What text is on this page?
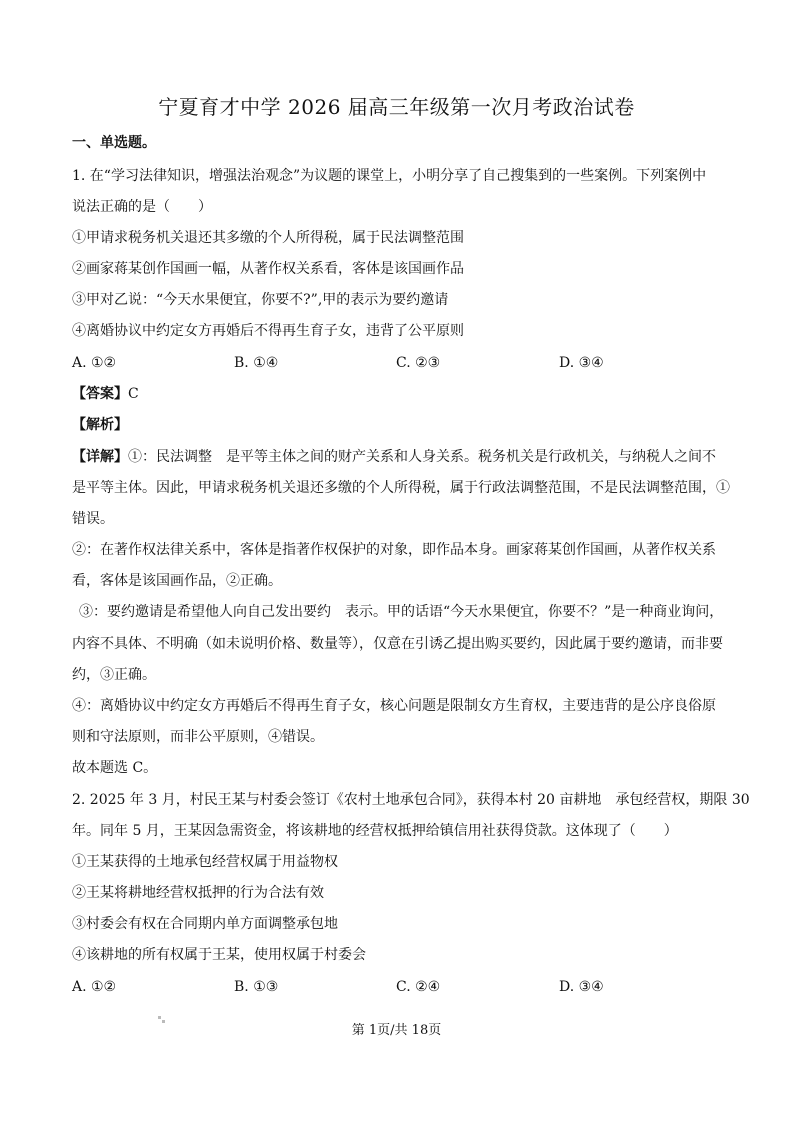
宁夏育才中学 2026 届高三年级第一次月考政治试卷
一、单选题。
1. 在“学习法律知识，增强法治观念”为议题的课堂上，小明分享了自己搜集到的一些案例。下列案例中
说法正确的是（　　）
①甲请求税务机关退还其多缴的个人所得税，属于民法调整范围
②画家蒋某创作国画一幅，从著作权关系看，客体是该国画作品
③甲对乙说：“今天水果便宜，你要不?”,甲的表示为要约邀请
④离婚协议中约定女方再婚后不得再生育子女，违背了公平原则
A. ①②	B. ①④	C. ②③	D. ③④
【答案】C
【解析】
【详解】①：民法调整　是平等主体之间的财产关系和人身关系。税务机关是行政机关，与纳税人之间不
是平等主体。因此，甲请求税务机关退还多缴的个人所得税，属于行政法调整范围，不是民法调整范围，①
错误。
②：在著作权法律关系中，客体是指著作权保护的对象，即作品本身。画家蒋某创作国画，从著作权关系
看，客体是该国画作品，②正确。
③：要约邀请是希望他人向自己发出要约　表示。甲的话语“今天水果便宜，你要不？”是一种商业询问，
内容不具体、不明确（如未说明价格、数量等），仅意在引诱乙提出购买要约，因此属于要约邀请，而非要
约，③正确。
④：离婚协议中约定女方再婚后不得再生育子女，核心问题是限制女方生育权，主要违背的是公序良俗原
则和守法原则，而非公平原则，④错误。
故本题选 C。
2. 2025 年 3 月，村民王某与村委会签订《农村土地承包合同》，获得本村 20 亩耕地　承包经营权，期限 30
年。同年 5 月，王某因急需资金，将该耕地的经营权抵押给镇信用社获得贷款。这体现了（　　）
①王某获得的土地承包经营权属于用益物权
②王某将耕地经营权抵押的行为合法有效
③村委会有权在合同期内单方面调整承包地
④该耕地的所有权属于王某，使用权属于村委会
A. ①②	B. ①③	C. ②④	D. ③④
第 1页/共 18页
